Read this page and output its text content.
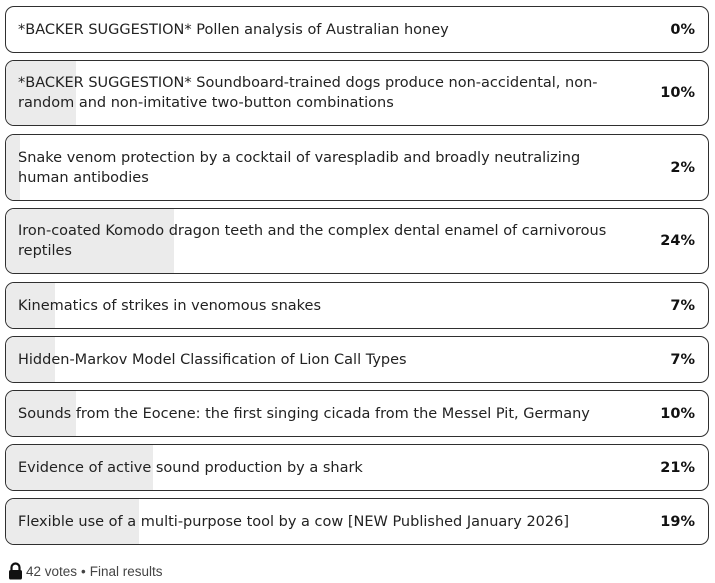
*BACKER SUGGESTION* Pollen analysis of Australian honey	0%
*BACKER SUGGESTION* Soundboard-trained dogs produce non-accidental, non-random and non-imitative two-button combinations
10%
Snake venom protection by a cocktail of varespladib and broadly neutralizing human antibodies
2%
Iron-coated Komodo dragon teeth and the complex dental enamel of carnivorous reptiles
24%
Kinematics of strikes in venomous snakes	7%
Hidden-Markov Model Classification of Lion Call Types	7%
Sounds from the Eocene: the first singing cicada from the Messel Pit, Germany	10%
Evidence of active sound production by a shark	21%
Flexible use of a multi-purpose tool by a cow [NEW Published January 2026]	19%
42 votes • Final results
